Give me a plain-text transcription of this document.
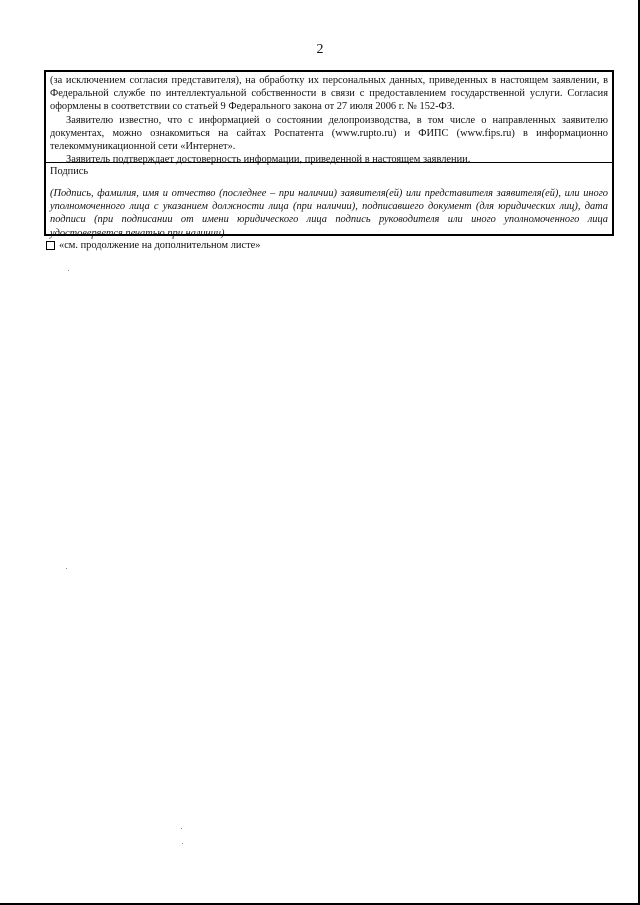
2

(за исключением согласия представителя), на обработку их персональных данных, приведенных в настоящем заявлении, в Федеральной службе по интеллектуальной собственности в связи с предоставлением государственной услуги. Согласия оформлены в соответствии со статьей 9 Федерального закона от 27 июля 2006 г. № 152-ФЗ.

Заявителю известно, что с информацией о состоянии делопроизводства, в том числе о направленных заявителю документах, можно ознакомиться на сайтах Роспатента (www.rupto.ru) и ФИПС (www.fips.ru) в информационно телекоммуникационной сети «Интернет».

Заявитель подтверждает достоверность информации, приведенной в настоящем заявлении.

Подпись
(Подпись, фамилия, имя и отчество (последнее – при наличии) заявителя(ей) или представителя заявителя(ей), или иного уполномоченного лица с указанием должности лица (при наличии), подписавшего документ (для юридических лиц), дата подписи (при подписании от имени юридического лица подпись руководителя или иного уполномоченного лица удостоверяется печатью при наличии)
«см. продолжение на дополнительном листе»
